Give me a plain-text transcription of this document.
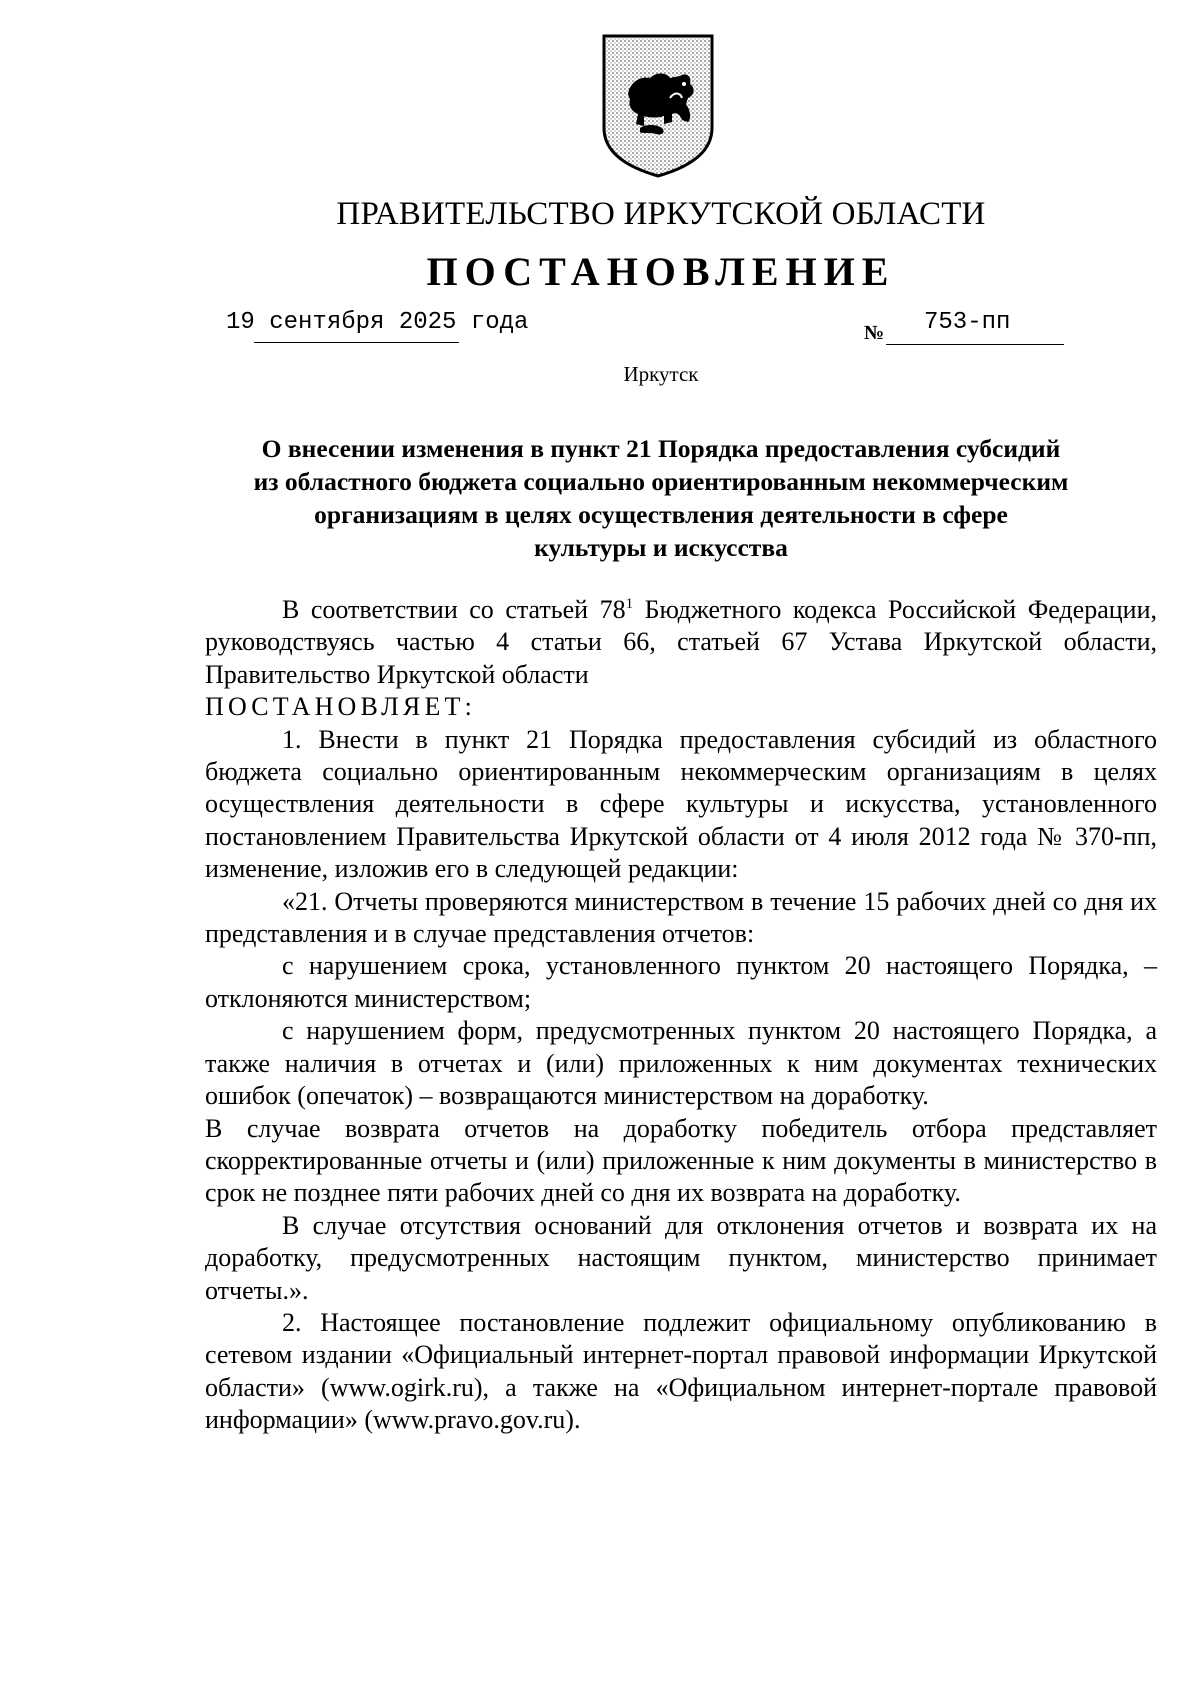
ПРАВИТЕЛЬСТВО ИРКУТСКОЙ ОБЛАСТИ
ПОСТАНОВЛЕНИЕ
19 сентября 2025 года	№ 753-пп
Иркутск
О внесении изменения в пункт 21 Порядка предоставления субсидий
из областного бюджета социально ориентированным некоммерческим
организациям в целях осуществления деятельности в сфере
культуры и искусства

В соответствии со статьей $78^1$ Бюджетного кодекса Российской Федерации, руководствуясь частью 4 статьи 66, статьей 67 Устава Иркутской области, Правительство Иркутской области

ПОСТАНОВЛЯЕТ:

1. Внести в пункт 21 Порядка предоставления субсидий из областного бюджета социально ориентированным некоммерческим организациям в целях осуществления деятельности в сфере культуры и искусства, установленного постановлением Правительства Иркутской области от 4 июля 2012 года № 370-пп, изменение, изложив его в следующей редакции:

«21. Отчеты проверяются министерством в течение 15 рабочих дней со дня их представления и в случае представления отчетов:

с нарушением срока, установленного пунктом 20 настоящего Порядка, – отклоняются министерством;

с нарушением форм, предусмотренных пунктом 20 настоящего Порядка, а также наличия в отчетах и (или) приложенных к ним документах технических ошибок (опечаток) – возвращаются министерством на доработку.

В случае возврата отчетов на доработку победитель отбора представляет скорректированные отчеты и (или) приложенные к ним документы в министерство в срок не позднее пяти рабочих дней со дня их возврата на доработку.

В случае отсутствия оснований для отклонения отчетов и возврата их на доработку, предусмотренных настоящим пунктом, министерство принимает отчеты.».

2. Настоящее постановление подлежит официальному опубликованию в сетевом издании «Официальный интернет-портал правовой информации Иркутской области» (www.ogirk.ru), а также на «Официальном интернет-портале правовой информации» (www.pravo.gov.ru).
